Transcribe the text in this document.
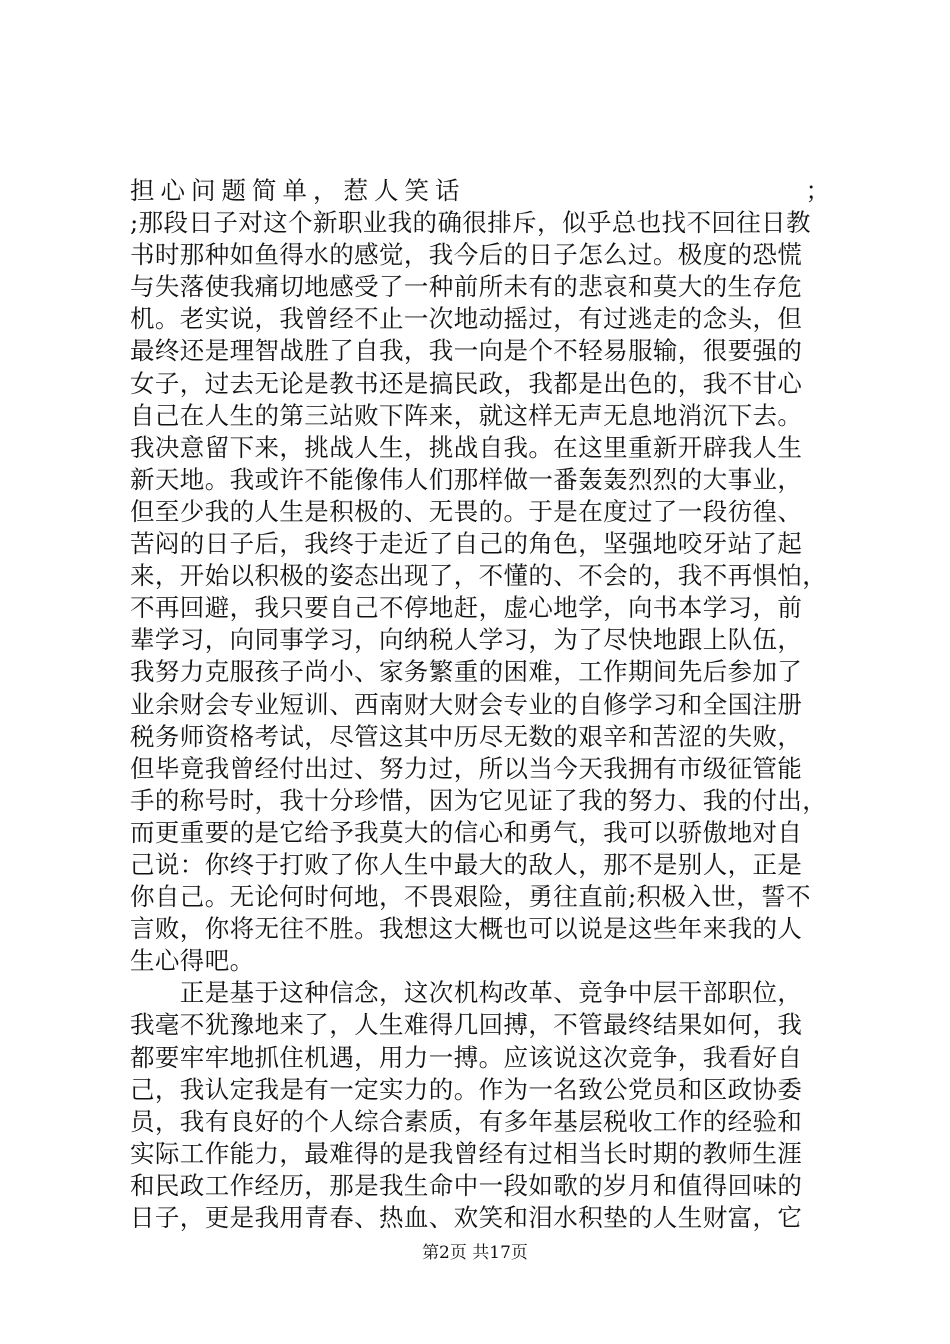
担心问题简单，惹人笑话	；
;那段日子对这个新职业我的确很排斥，似乎总也找不回往日教
书时那种如鱼得水的感觉，我今后的日子怎么过。极度的恐慌
与失落使我痛切地感受了一种前所未有的悲哀和莫大的生存危
机。老实说，我曾经不止一次地动摇过，有过逃走的念头，但
最终还是理智战胜了自我，我一向是个不轻易服输，很要强的
女子，过去无论是教书还是搞民政，我都是出色的，我不甘心
自己在人生的第三站败下阵来，就这样无声无息地消沉下去。
我决意留下来，挑战人生，挑战自我。在这里重新开辟我人生
新天地。我或许不能像伟人们那样做一番轰轰烈烈的大事业，
但至少我的人生是积极的、无畏的。于是在度过了一段彷徨、
苦闷的日子后，我终于走近了自己的角色，坚强地咬牙站了起
来，开始以积极的姿态出现了，不懂的、不会的，我不再惧怕，
不再回避，我只要自己不停地赶，虚心地学，向书本学习，前
辈学习，向同事学习，向纳税人学习，为了尽快地跟上队伍，
我努力克服孩子尚小、家务繁重的困难，工作期间先后参加了
业余财会专业短训、西南财大财会专业的自修学习和全国注册
税务师资格考试，尽管这其中历尽无数的艰辛和苦涩的失败，
但毕竟我曾经付出过、努力过，所以当今天我拥有市级征管能
手的称号时，我十分珍惜，因为它见证了我的努力、我的付出，
而更重要的是它给予我莫大的信心和勇气，我可以骄傲地对自
己说：你终于打败了你人生中最大的敌人，那不是别人，正是
你自己。无论何时何地，不畏艰险，勇往直前;积极入世，誓不
言败，你将无往不胜。我想这大概也可以说是这些年来我的人
生心得吧。
　　正是基于这种信念，这次机构改革、竞争中层干部职位，
我毫不犹豫地来了，人生难得几回搏，不管最终结果如何，我
都要牢牢地抓住机遇，用力一搏。应该说这次竞争，我看好自
己，我认定我是有一定实力的。作为一名致公党员和区政协委
员，我有良好的个人综合素质，有多年基层税收工作的经验和
实际工作能力，最难得的是我曾经有过相当长时期的教师生涯
和民政工作经历，那是我生命中一段如歌的岁月和值得回味的
日子，更是我用青春、热血、欢笑和泪水积垫的人生财富，它
第2页 共17页
